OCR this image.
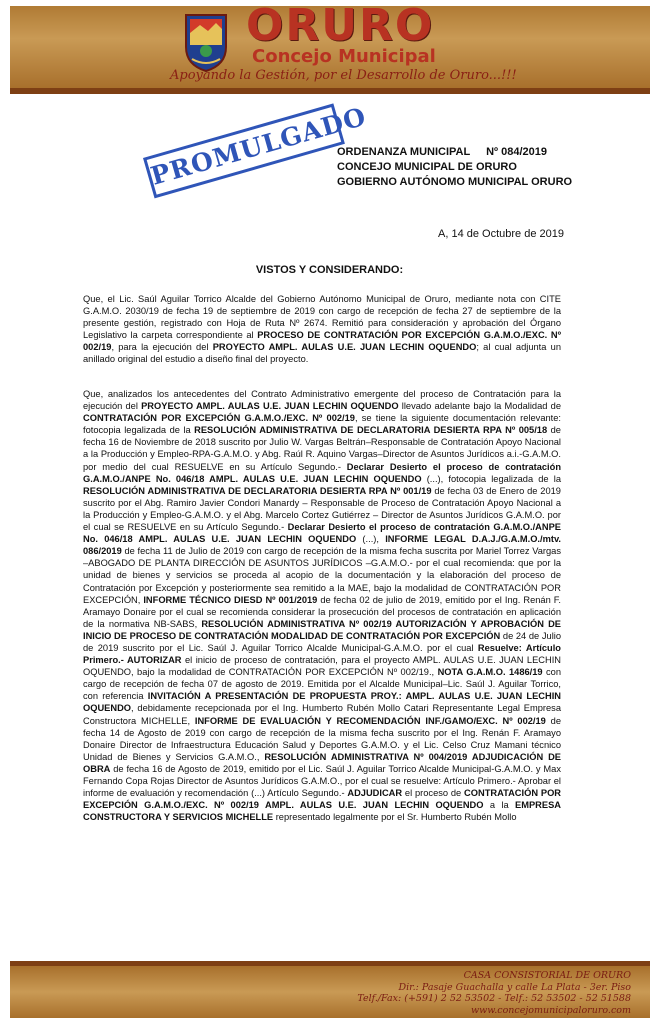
ORURO
Concejo Municipal
Apoyando la Gestión, por el Desarrollo de Oruro...!!!
PROMULGADO
ORDENANZA MUNICIPAL Nº 084/2019
CONCEJO MUNICIPAL DE ORURO
GOBIERNO AUTÓNOMO MUNICIPAL ORURO
A, 14 de Octubre de 2019
VISTOS Y CONSIDERANDO:
Que, el Lic. Saúl Aguilar Torrico Alcalde del Gobierno Autónomo Municipal de Oruro, mediante nota con CITE G.A.M.O. 2030/19 de fecha 19 de septiembre de 2019 con cargo de recepción de fecha 27 de septiembre de la presente gestión, registrado con Hoja de Ruta Nº 2674. Remitió para consideración y aprobación del Órgano Legislativo la carpeta correspondiente al PROCESO DE CONTRATACIÓN POR EXCEPCIÓN G.A.M.O./EXC. Nº 002/19, para la ejecución del PROYECTO AMPL. AULAS U.E. JUAN LECHIN OQUENDO; al cual adjunta un anillado original del estudio a diseño final del proyecto.
Que, analizados los antecedentes del Contrato Administrativo emergente del proceso de Contratación para la ejecución del PROYECTO AMPL. AULAS U.E. JUAN LECHIN OQUENDO llevado adelante bajo la Modalidad de CONTRATACIÓN POR EXCEPCIÓN G.A.M.O./EXC. Nº 002/19, se tiene la siguiente documentación relevante: fotocopia legalizada de la RESOLUCIÓN ADMINISTRATIVA DE DECLARATORIA DESIERTA RPA Nº 005/18 de fecha 16 de Noviembre de 2018 suscrito por Julio W. Vargas Beltrán–Responsable de Contratación Apoyo Nacional a la Producción y Empleo-RPA-G.A.M.O. y Abg. Raúl R. Aquino Vargas–Director de Asuntos Jurídicos a.i.-G.A.M.O. por medio del cual RESUELVE en su Artículo Segundo.- Declarar Desierto el proceso de contratación G.A.M.O./ANPE No. 046/18 AMPL. AULAS U.E. JUAN LECHIN OQUENDO (...), fotocopia legalizada de la RESOLUCIÓN ADMINISTRATIVA DE DECLARATORIA DESIERTA RPA Nº 001/19 de fecha 03 de Enero de 2019 suscrito por el Abg. Ramiro Javier Condori Manardy – Responsable de Proceso de Contratación Apoyo Nacional a la Producción y Empleo-G.A.M.O. y el Abg. Marcelo Cortez Gutiérrez – Director de Asuntos Jurídicos G.A.M.O. por el cual se RESUELVE en su Artículo Segundo.- Declarar Desierto el proceso de contratación G.A.M.O./ANPE No. 046/18 AMPL. AULAS U.E. JUAN LECHIN OQUENDO (...), INFORME LEGAL D.A.J./G.A.M.O./mtv. 086/2019 de fecha 11 de Julio de 2019 con cargo de recepción de la misma fecha suscrita por Mariel Torrez Vargas –ABOGADO DE PLANTA DIRECCIÓN DE ASUNTOS JURÍDICOS –G.A.M.O.- por el cual recomienda: que por la unidad de bienes y servicios se proceda al acopio de la documentación y la elaboración del proceso de Contratación por Excepción y posteriormente sea remitido a la MAE, bajo la modalidad de CONTRATACIÓN POR EXCEPCIÓN, INFORME TÉCNICO DIESD Nº 001/2019 de fecha 02 de julio de 2019, emitido por el Ing. Renán F. Aramayo Donaire por el cual se recomienda considerar la prosecución del procesos de contratación en aplicación de la normativa NB-SABS, RESOLUCIÓN ADMINISTRATIVA Nº 002/19 AUTORIZACIÓN Y APROBACIÓN DE INICIO DE PROCESO DE CONTRATACIÓN MODALIDAD DE CONTRATACIÓN POR EXCEPCIÓN de 24 de Julio de 2019 suscrito por el Lic. Saúl J. Aguilar Torrico Alcalde Municipal-G.A.M.O. por el cual Resuelve: Artículo Primero.- AUTORIZAR el inicio de proceso de contratación, para el proyecto AMPL. AULAS U.E. JUAN LECHIN OQUENDO, bajo la modalidad de CONTRATACIÓN POR EXCEPCIÓN Nº 002/19., NOTA G.A.M.O. 1486/19 con cargo de recepción de fecha 07 de agosto de 2019. Emitida por el Alcalde Municipal–Lic. Saúl J. Aguilar Torrico, con referencia INVITACIÓN A PRESENTACIÓN DE PROPUESTA PROY.: AMPL. AULAS U.E. JUAN LECHIN OQUENDO, debidamente recepcionada por el Ing. Humberto Rubén Mollo Catari Representante Legal Empresa Constructora MICHELLE, INFORME DE EVALUACIÓN Y RECOMENDACIÓN INF./GAMO/EXC. Nº 002/19 de fecha 14 de Agosto de 2019 con cargo de recepción de la misma fecha suscrito por el Ing. Renán F. Aramayo Donaire Director de Infraestructura Educación Salud y Deportes G.A.M.O. y el Lic. Celso Cruz Mamani técnico Unidad de Bienes y Servicios G.A.M.O., RESOLUCIÓN ADMINISTRATIVA Nº 004/2019 ADJUDICACIÓN DE OBRA de fecha 16 de Agosto de 2019, emitido por el Lic. Saúl J. Aguilar Torrico Alcalde Municipal-G.A.M.O. y Max Fernando Copa Rojas Director de Asuntos Jurídicos G.A.M.O., por el cual se resuelve: Artículo Primero.- Aprobar el informe de evaluación y recomendación (...) Artículo Segundo.- ADJUDICAR el proceso de CONTRATACIÓN POR EXCEPCIÓN G.A.M.O./EXC. Nº 002/19 AMPL. AULAS U.E. JUAN LECHIN OQUENDO a la EMPRESA CONSTRUCTORA Y SERVICIOS MICHELLE representado legalmente por el Sr. Humberto Rubén Mollo
CASA CONSISTORIAL DE ORURO
Dir.: Pasaje Guachalla y calle La Plata - 3er. Piso
Telf./Fax: (+591) 2 52 53502 - Telf.: 52 53502 - 52 51588
www.concejomunicipaloruro.com
